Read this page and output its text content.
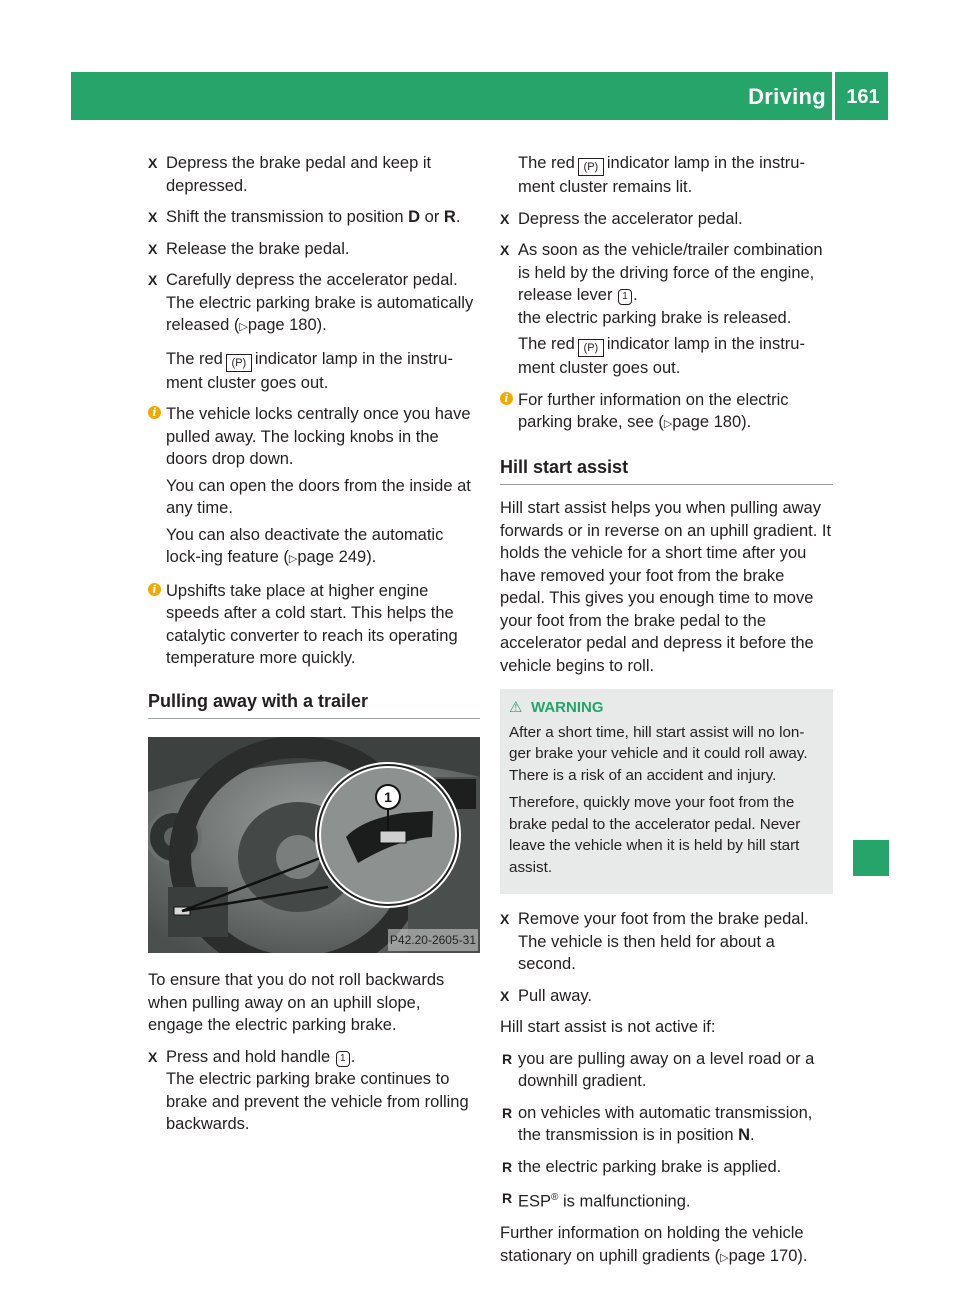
Driving	161

X Depress the brake pedal and keep it depressed.

X Shift the transmission to position D or R.

X Release the brake pedal.

X Carefully depress the accelerator pedal.

The electric parking brake is automatically released (▷page 180).

The red (P) indicator lamp in the instru-ment cluster goes out.

i The vehicle locks centrally once you have pulled away. The locking knobs in the doors drop down.

You can open the doors from the inside at any time.

You can also deactivate the automatic lock-ing feature (▷page 249).

i Upshifts take place at higher engine speeds after a cold start. This helps the catalytic converter to reach its operating temperature more quickly.

Pulling away with a trailer
1
P42.20-2605-31

To ensure that you do not roll backwards when pulling away on an uphill slope, engage the electric parking brake.

X Press and hold handle 1 .

The electric parking brake continues to brake and prevent the vehicle from rolling backwards.

The red (P) indicator lamp in the instru-ment cluster remains lit.

X Depress the accelerator pedal.

X As soon as the vehicle/trailer combination is held by the driving force of the engine, release lever 1 .

the electric parking brake is released.

The red (P) indicator lamp in the instru-ment cluster goes out.

i For further information on the electric parking brake, see (▷page 180).

Hill start assist

Hill start assist helps you when pulling away forwards or in reverse on an uphill gradient. It holds the vehicle for a short time after you have removed your foot from the brake pedal. This gives you enough time to move your foot from the brake pedal to the accelerator pedal and depress it before the vehicle begins to roll.

⚠ WARNING

After a short time, hill start assist will no lon-ger brake your vehicle and it could roll away. There is a risk of an accident and injury.

Therefore, quickly move your foot from the brake pedal to the accelerator pedal. Never leave the vehicle when it is held by hill start assist.

X Remove your foot from the brake pedal.

The vehicle is then held for about a second.

X Pull away.

Hill start assist is not active if:

R you are pulling away on a level road or a downhill gradient.

R on vehicles with automatic transmission, the transmission is in position N.

R the electric parking brake is applied.

R ESP® is malfunctioning.

Further information on holding the vehicle stationary on uphill gradients (▷page 170).
